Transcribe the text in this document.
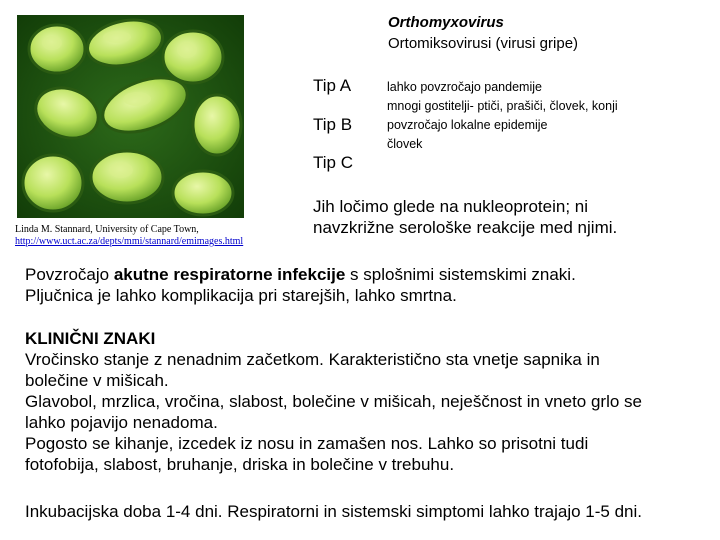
Linda M. Stannard, University of Cape Town,
http://www.uct.ac.za/depts/mmi/stannard/emimages.html
Orthomyxovirus
Ortomiksovirusi (virusi gripe)
Tip A
Tip B
Tip C
lahko povzročajo pandemije
mnogi gostitelji- ptiči, prašiči, človek, konji
povzročajo lokalne epidemije
človek
Jih ločimo glede na nukleoprotein; ni
navzkrižne serološke reakcije med njimi.
Povzročajo akutne respiratorne infekcije s splošnimi sistemskimi znaki.
Pljučnica je lahko komplikacija pri starejših, lahko smrtna.
KLINIČNI ZNAKI
Vročinsko stanje z nenadnim začetkom. Karakteristično sta vnetje sapnika in
bolečine v mišicah.
Glavobol, mrzlica, vročina, slabost, bolečine v mišicah, neješčnost in vneto grlo se
lahko pojavijo nenadoma.
Pogosto se kihanje, izcedek iz nosu in zamašen nos. Lahko so prisotni tudi
fotofobija, slabost, bruhanje, driska in bolečine v trebuhu.
Inkubacijska doba 1-4 dni. Respiratorni in sistemski simptomi lahko trajajo 1-5 dni.
